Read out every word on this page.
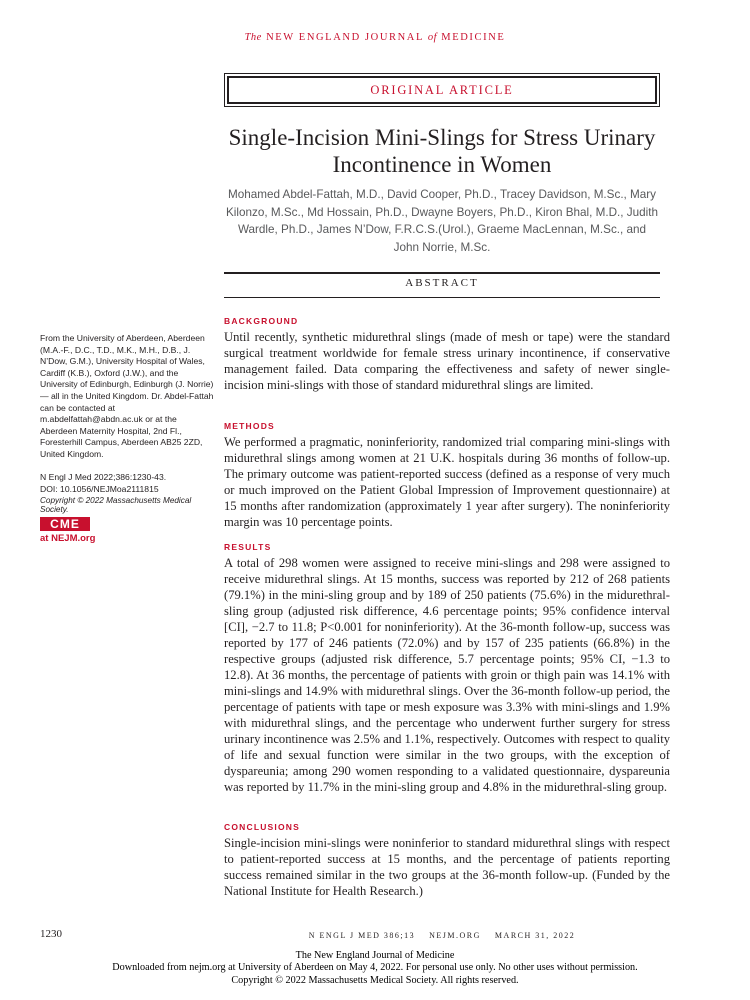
The NEW ENGLAND JOURNAL of MEDICINE
ORIGINAL ARTICLE
Single-Incision Mini-Slings for Stress Urinary Incontinence in Women

Mohamed Abdel-Fattah, M.D., David Cooper, Ph.D., Tracey Davidson, M.Sc., Mary Kilonzo, M.Sc., Md Hossain, Ph.D., Dwayne Boyers, Ph.D., Kiron Bhal, M.D., Judith Wardle, Ph.D., James N’Dow, F.R.C.S.(Urol.), Graeme MacLennan, M.Sc., and John Norrie, M.Sc.

ABSTRACT
BACKGROUND

Until recently, synthetic midurethral slings (made of mesh or tape) were the standard surgical treatment worldwide for female stress urinary incontinence, if conservative management failed. Data comparing the effectiveness and safety of newer single-incision mini-slings with those of standard midurethral slings are limited.

METHODS

We performed a pragmatic, noninferiority, randomized trial comparing mini-slings with midurethral slings among women at 21 U.K. hospitals during 36 months of follow-up. The primary outcome was patient-reported success (defined as a response of very much or much improved on the Patient Global Impression of Improvement questionnaire) at 15 months after randomization (approximately 1 year after surgery). The noninferiority margin was 10 percentage points.

RESULTS

A total of 298 women were assigned to receive mini-slings and 298 were assigned to receive midurethral slings. At 15 months, success was reported by 212 of 268 patients (79.1%) in the mini-sling group and by 189 of 250 patients (75.6%) in the midurethral-sling group (adjusted risk difference, 4.6 percentage points; 95% confidence interval [CI], −2.7 to 11.8; P<0.001 for noninferiority). At the 36-month follow-up, success was reported by 177 of 246 patients (72.0%) and by 157 of 235 patients (66.8%) in the respective groups (adjusted risk difference, 5.7 percentage points; 95% CI, −1.3 to 12.8). At 36 months, the percentage of patients with groin or thigh pain was 14.1% with mini-slings and 14.9% with midurethral slings. Over the 36-month follow-up period, the percentage of patients with tape or mesh exposure was 3.3% with mini-slings and 1.9% with midurethral slings, and the percentage who underwent further surgery for stress urinary incontinence was 2.5% and 1.1%, respectively. Outcomes with respect to quality of life and sexual function were similar in the two groups, with the exception of dyspareunia; among 290 women responding to a validated questionnaire, dyspareunia was reported by 11.7% in the mini-sling group and 4.8% in the midurethral-sling group.

CONCLUSIONS

Single-incision mini-slings were noninferior to standard midurethral slings with respect to patient-reported success at 15 months, and the percentage of patients reporting success remained similar in the two groups at the 36-month follow-up. (Funded by the National Institute for Health Research.)

From the University of Aberdeen, Aberdeen (M.A.-F., D.C., T.D., M.K., M.H., D.B., J. N’Dow, G.M.), University Hospital of Wales, Cardiff (K.B.), Oxford (J.W.), and the University of Edinburgh, Edinburgh (J. Norrie) — all in the United Kingdom. Dr. Abdel-Fattah can be contacted at m.abdelfattah@abdn.ac.uk or at the Aberdeen Maternity Hospital, 2nd Fl., Foresterhill Campus, Aberdeen AB25 2ZD, United Kingdom.

N Engl J Med 2022;386:1230-43.
DOI: 10.1056/NEJMoa2111815

Copyright © 2022 Massachusetts Medical Society.

CME
at NEJM.org
1230	N ENGL J MED 386;13    NEJM.ORG    MARCH 31, 2022
The New England Journal of Medicine
Downloaded from nejm.org at University of Aberdeen on May 4, 2022. For personal use only. No other uses without permission.
Copyright © 2022 Massachusetts Medical Society. All rights reserved.
